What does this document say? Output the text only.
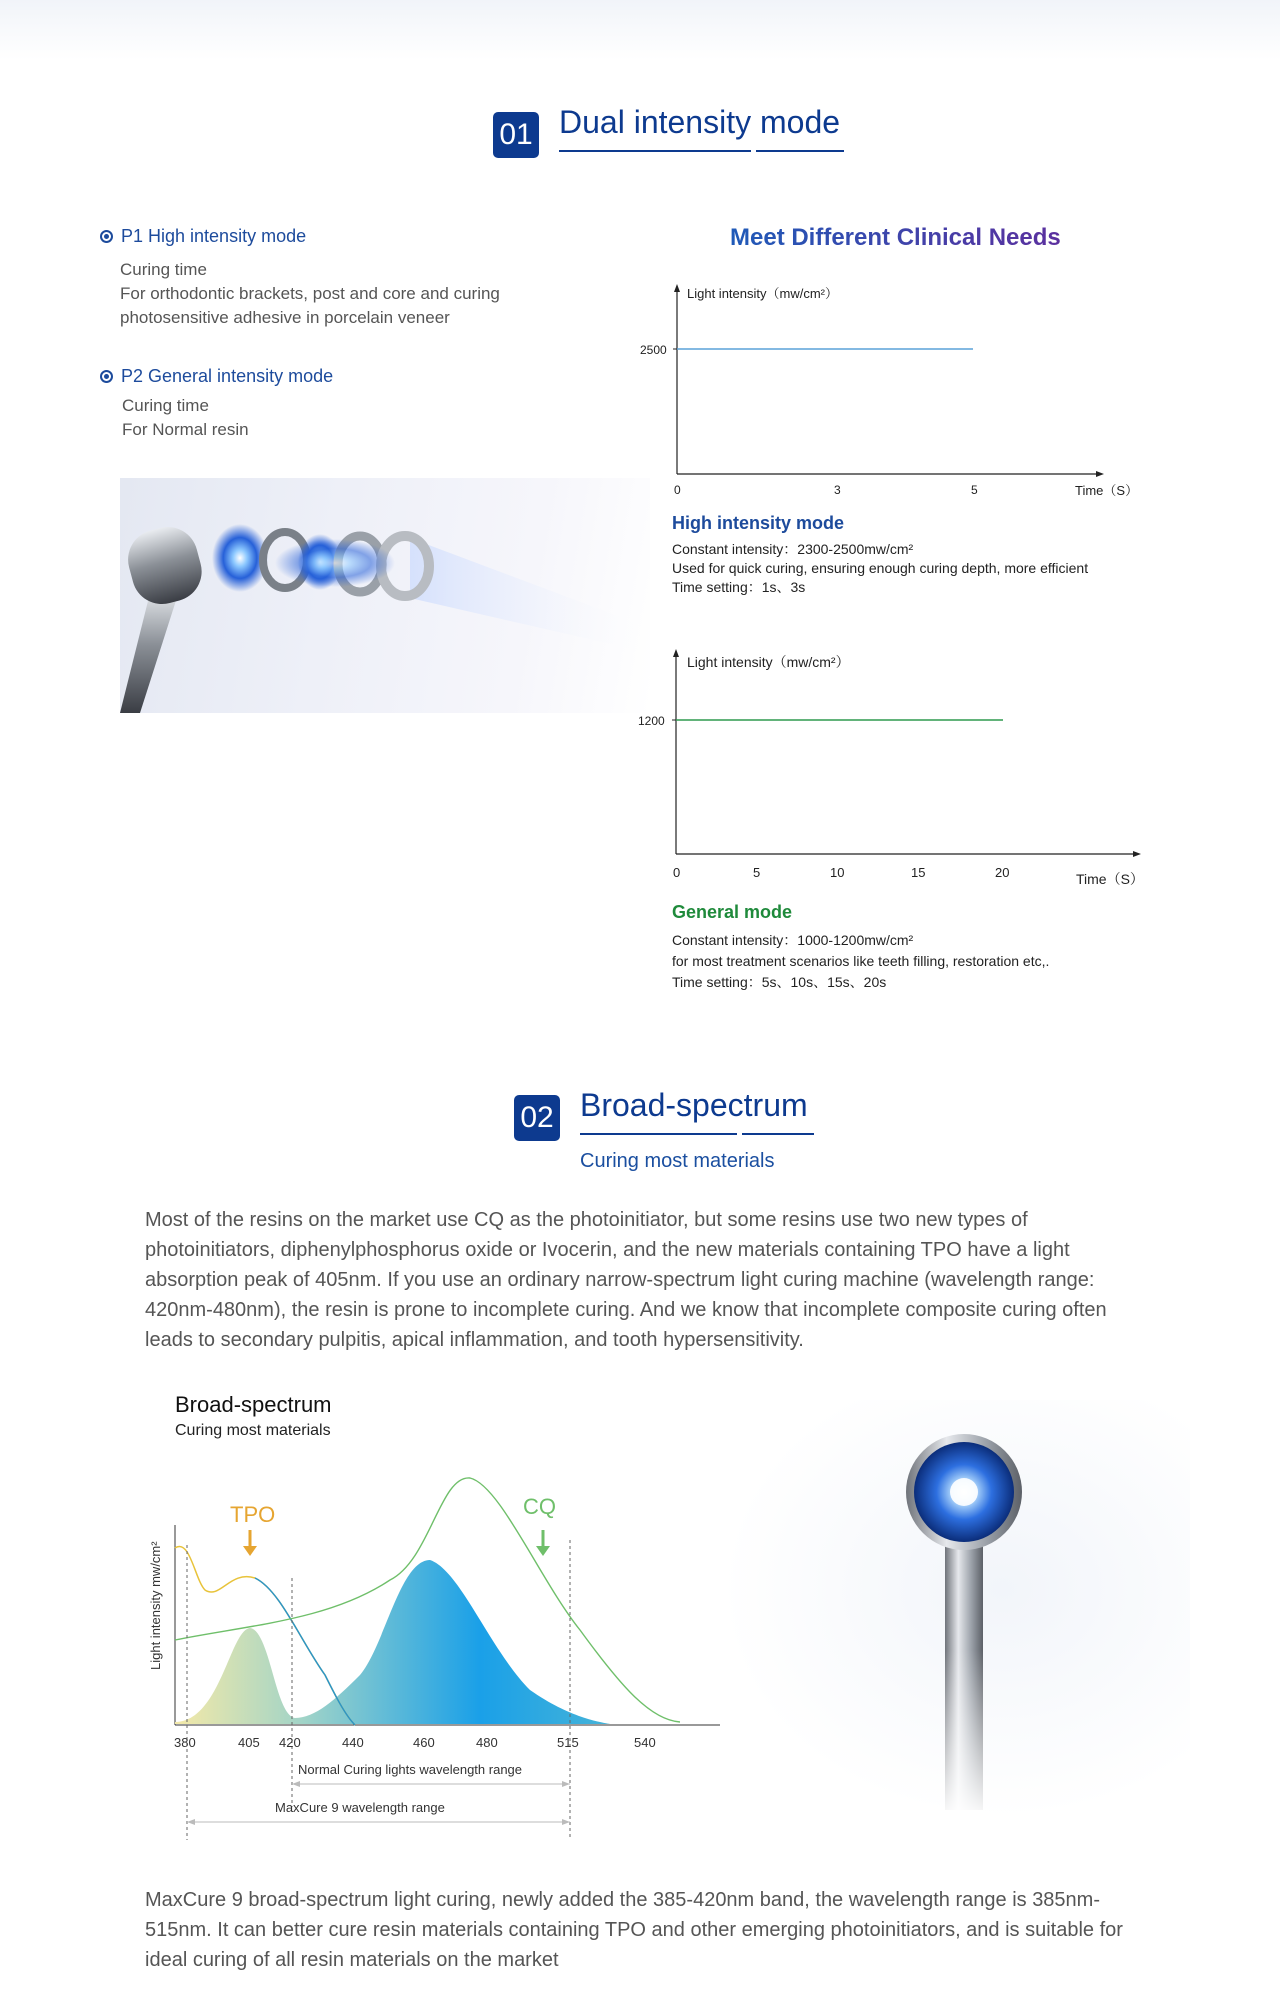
01 Dual intensity mode
P1 High intensity mode
Curing time
For orthodontic brackets, post and core and curing
photosensitive adhesive in porcelain veneer
P2 General intensity mode
Curing time
For Normal resin
Meet Different Clinical Needs
Light intensity（mw/cm²）
2500
0	3	5	Time（S）
High intensity mode
Constant intensity：2300-2500mw/cm²
Used for quick curing, ensuring enough curing depth, more efficient
Time setting：1s、3s
Light intensity（mw/cm²）
1200
0	5	10	15	20	Time（S）
General mode
Constant intensity：1000-1200mw/cm²
for most treatment scenarios like teeth filling, restoration etc,.
Time setting：5s、10s、15s、20s
02 Broad-spectrum
Curing most materials
Most of the resins on the market use CQ as the photoinitiator, but some resins use two new types of photoinitiators, diphenylphosphorus oxide or Ivocerin, and the new materials containing TPO have a light absorption peak of 405nm. If you use an ordinary narrow-spectrum light curing machine (wavelength range: 420nm-480nm), the resin is prone to incomplete curing. And we know that incomplete composite curing often leads to secondary pulpitis, apical inflammation, and tooth hypersensitivity.
Broad-spectrum
Curing most materials
TPO	CQ
Light intensity mw/cm²
380	405 420	440	460	480	515	540
Normal Curing lights wavelength range
MaxCure 9 wavelength range
MaxCure 9 broad-spectrum light curing, newly added the 385-420nm band, the wavelength range is 385nm-515nm. It can better cure resin materials containing TPO and other emerging photoinitiators, and is suitable for ideal curing of all resin materials on the market
